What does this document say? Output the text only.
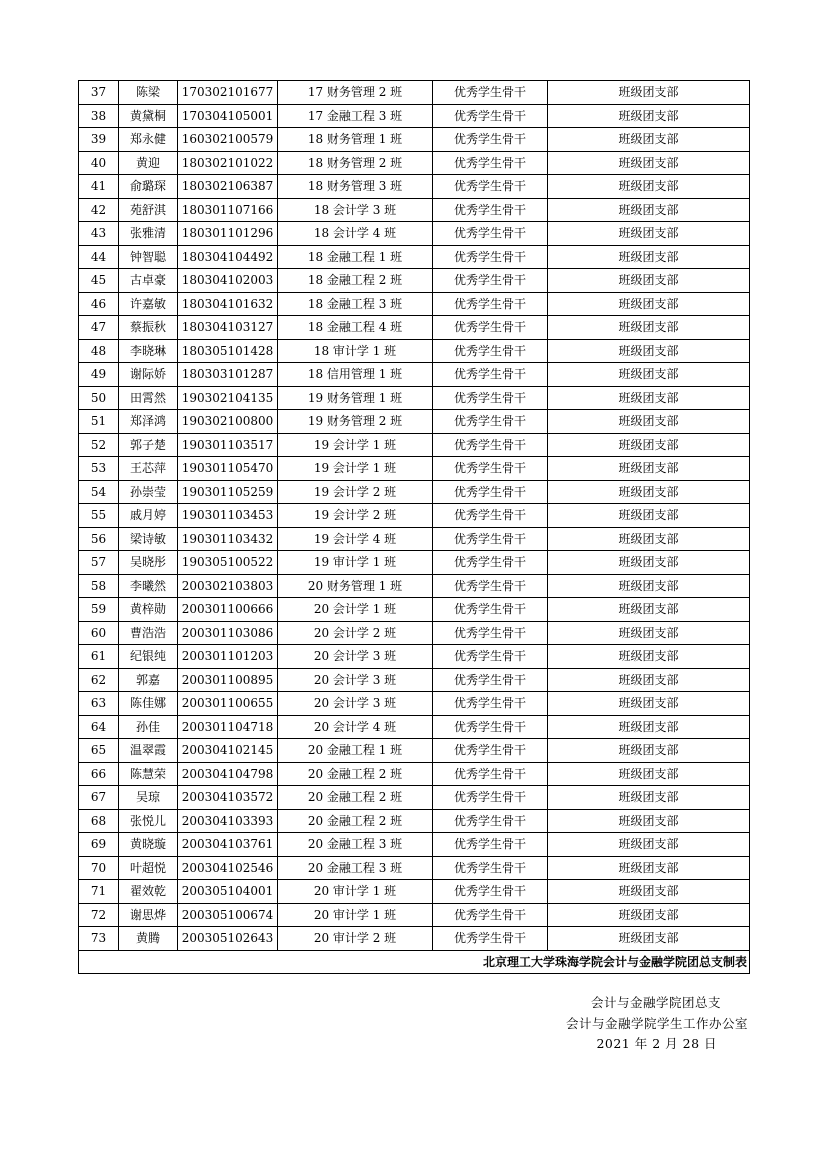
37	陈梁	170302101677	17 财务管理 2 班	优秀学生骨干	班级团支部
38	黄黛桐	170304105001	17 金融工程 3 班	优秀学生骨干	班级团支部
39	郑永健	160302100579	18 财务管理 1 班	优秀学生骨干	班级团支部
40	黄迎	180302101022	18 财务管理 2 班	优秀学生骨干	班级团支部
41	俞璐琛	180302106387	18 财务管理 3 班	优秀学生骨干	班级团支部
42	苑舒淇	180301107166	18 会计学 3 班	优秀学生骨干	班级团支部
43	张雅清	180301101296	18 会计学 4 班	优秀学生骨干	班级团支部
44	钟智聪	180304104492	18 金融工程 1 班	优秀学生骨干	班级团支部
45	古卓豪	180304102003	18 金融工程 2 班	优秀学生骨干	班级团支部
46	许嘉敏	180304101632	18 金融工程 3 班	优秀学生骨干	班级团支部
47	蔡振秋	180304103127	18 金融工程 4 班	优秀学生骨干	班级团支部
48	李晓琳	180305101428	18 审计学 1 班	优秀学生骨干	班级团支部
49	谢际娇	180303101287	18 信用管理 1 班	优秀学生骨干	班级团支部
50	田霄然	190302104135	19 财务管理 1 班	优秀学生骨干	班级团支部
51	郑泽鸿	190302100800	19 财务管理 2 班	优秀学生骨干	班级团支部
52	郭子楚	190301103517	19 会计学 1 班	优秀学生骨干	班级团支部
53	王芯萍	190301105470	19 会计学 1 班	优秀学生骨干	班级团支部
54	孙崇莹	190301105259	19 会计学 2 班	优秀学生骨干	班级团支部
55	戚月婷	190301103453	19 会计学 2 班	优秀学生骨干	班级团支部
56	梁诗敏	190301103432	19 会计学 4 班	优秀学生骨干	班级团支部
57	吴晓彤	190305100522	19 审计学 1 班	优秀学生骨干	班级团支部
58	李曦然	200302103803	20 财务管理 1 班	优秀学生骨干	班级团支部
59	黄梓勋	200301100666	20 会计学 1 班	优秀学生骨干	班级团支部
60	曹浩浩	200301103086	20 会计学 2 班	优秀学生骨干	班级团支部
61	纪银纯	200301101203	20 会计学 3 班	优秀学生骨干	班级团支部
62	郭嘉	200301100895	20 会计学 3 班	优秀学生骨干	班级团支部
63	陈佳娜	200301100655	20 会计学 3 班	优秀学生骨干	班级团支部
64	孙佳	200301104718	20 会计学 4 班	优秀学生骨干	班级团支部
65	温翠霞	200304102145	20 金融工程 1 班	优秀学生骨干	班级团支部
66	陈慧荣	200304104798	20 金融工程 2 班	优秀学生骨干	班级团支部
67	吴琼	200304103572	20 金融工程 2 班	优秀学生骨干	班级团支部
68	张悦儿	200304103393	20 金融工程 2 班	优秀学生骨干	班级团支部
69	黄晓璇	200304103761	20 金融工程 3 班	优秀学生骨干	班级团支部
70	叶超悦	200304102546	20 金融工程 3 班	优秀学生骨干	班级团支部
71	翟效乾	200305104001	20 审计学 1 班	优秀学生骨干	班级团支部
72	谢思烨	200305100674	20 审计学 1 班	优秀学生骨干	班级团支部
73	黄腾	200305102643	20 审计学 2 班	优秀学生骨干	班级团支部
北京理工大学珠海学院会计与金融学院团总支制表					
会计与金融学院团总支
会计与金融学院学生工作办公室
2021 年 2 月 28 日
